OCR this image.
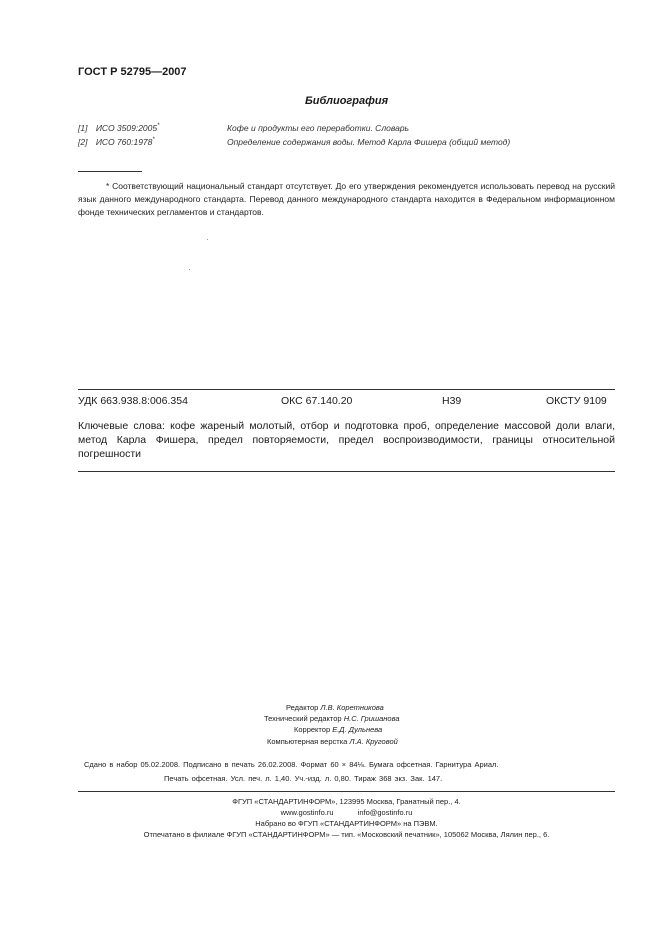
ГОСТ Р 52795—2007
Библиография
[1] ИСО 3509:2005*	Кофе и продукты его переработки. Словарь
[2] ИСО 760:1978*	Определение содержания воды. Метод Карла Фишера (общий метод)

* Соответствующий национальный стандарт отсутствует. До его утверждения рекомендуется использовать перевод на русский язык данного международного стандарта. Перевод данного международного стандарта находится в Федеральном информационном фонде технических регламентов и стандартов.

УДК 663.938.8:006.354	ОКС 67.140.20	Н39	ОКСТУ 9109
Ключевые слова: кофе жареный молотый, отбор и подготовка проб, определение массовой доли влаги, метод Карла Фишера, предел повторяемости, предел воспроизводимости, границы относительной погрешности
Редактор Л.В. Коретникова
Технический редактор Н.С. Гришанова
Корректор Е.Д. Дульнева
Компьютерная верстка Л.А. Круговой
Сдано в набор 05.02.2008. Подписано в печать 26.02.2008. Формат 60 × 84⅛. Бумага офсетная. Гарнитура Ариал.
Печать офсетная. Усл. печ. л. 1,40. Уч.-изд. л. 0,80. Тираж 368 экз. Зак. 147.
ФГУП «СТАНДАРТИНФОРМ», 123995 Москва, Гранатный пер., 4.
www.gostinfo.ru	info@gostinfo.ru
Набрано во ФГУП «СТАНДАРТИНФОРМ» на ПЭВМ.
Отпечатано в филиале ФГУП «СТАНДАРТИНФОРМ» — тип. «Московский печатник», 105062 Москва, Лялин пер., 6.
